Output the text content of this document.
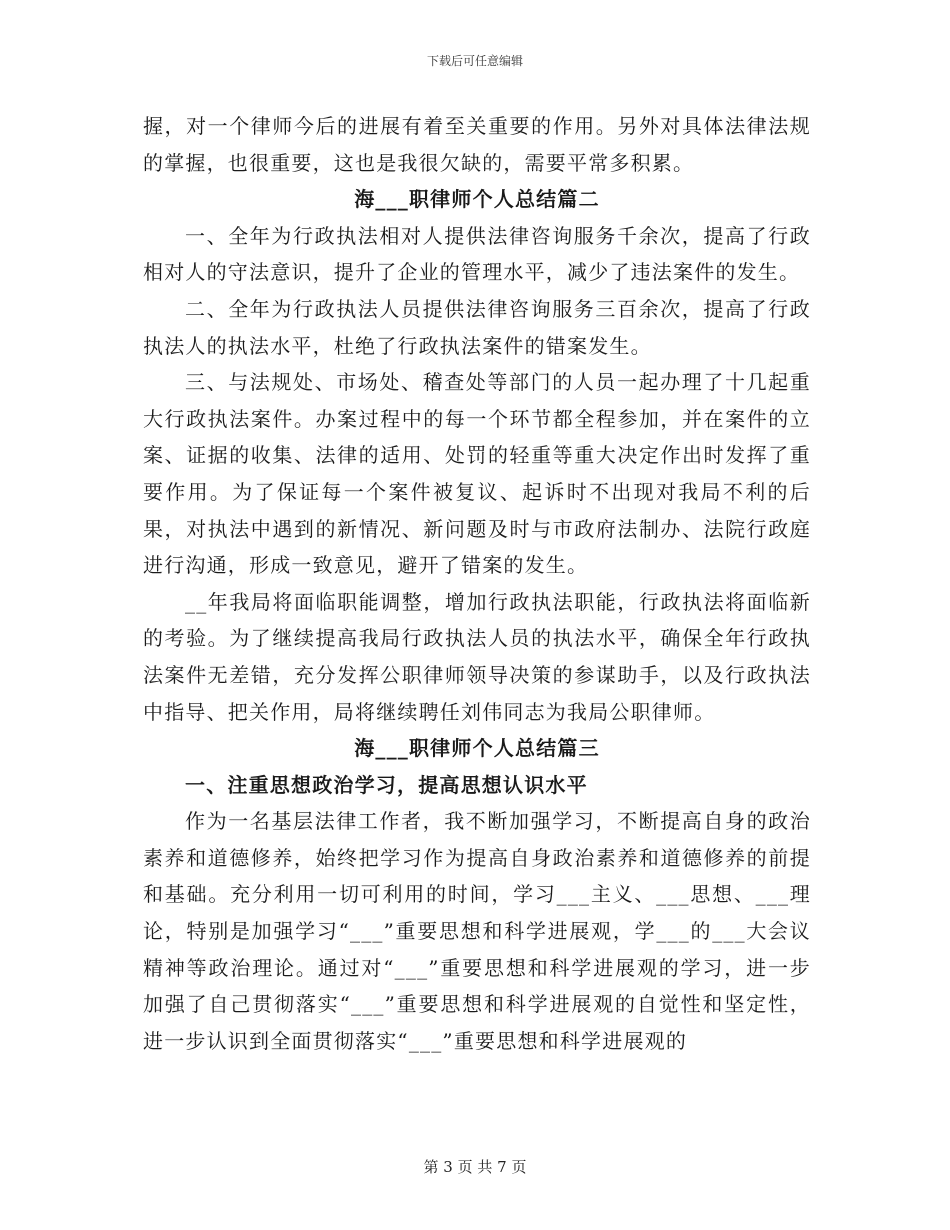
下载后可任意编辑

握，对一个律师今后的进展有着至关重要的作用。另外对具体法律法规的掌握，也很重要，这也是我很欠缺的，需要平常多积累。

海___职律师个人总结篇二

一、全年为行政执法相对人提供法律咨询服务千余次，提高了行政相对人的守法意识，提升了企业的管理水平，减少了违法案件的发生。

二、全年为行政执法人员提供法律咨询服务三百余次，提高了行政执法人的执法水平，杜绝了行政执法案件的错案发生。

三、与法规处、市场处、稽查处等部门的人员一起办理了十几起重大行政执法案件。办案过程中的每一个环节都全程参加，并在案件的立案、证据的收集、法律的适用、处罚的轻重等重大决定作出时发挥了重要作用。为了保证每一个案件被复议、起诉时不出现对我局不利的后果，对执法中遇到的新情况、新问题及时与市政府法制办、法院行政庭进行沟通，形成一致意见，避开了错案的发生。

__年我局将面临职能调整，增加行政执法职能，行政执法将面临新的考验。为了继续提高我局行政执法人员的执法水平，确保全年行政执法案件无差错，充分发挥公职律师领导决策的参谋助手，以及行政执法中指导、把关作用，局将继续聘任刘伟同志为我局公职律师。

海___职律师个人总结篇三

一、注重思想政治学习，提高思想认识水平

作为一名基层法律工作者，我不断加强学习，不断提高自身的政治素养和道德修养，始终把学习作为提高自身政治素养和道德修养的前提和基础。充分利用一切可利用的时间，学习___主义、___思想、___理论，特别是加强学习“___”重要思想和科学进展观，学___的___大会议精神等政治理论。通过对“___”重要思想和科学进展观的学习，进一步加强了自己贯彻落实“___”重要思想和科学进展观的自觉性和坚定性，进一步认识到全面贯彻落实“___”重要思想和科学进展观的

第 3 页 共 7 页
